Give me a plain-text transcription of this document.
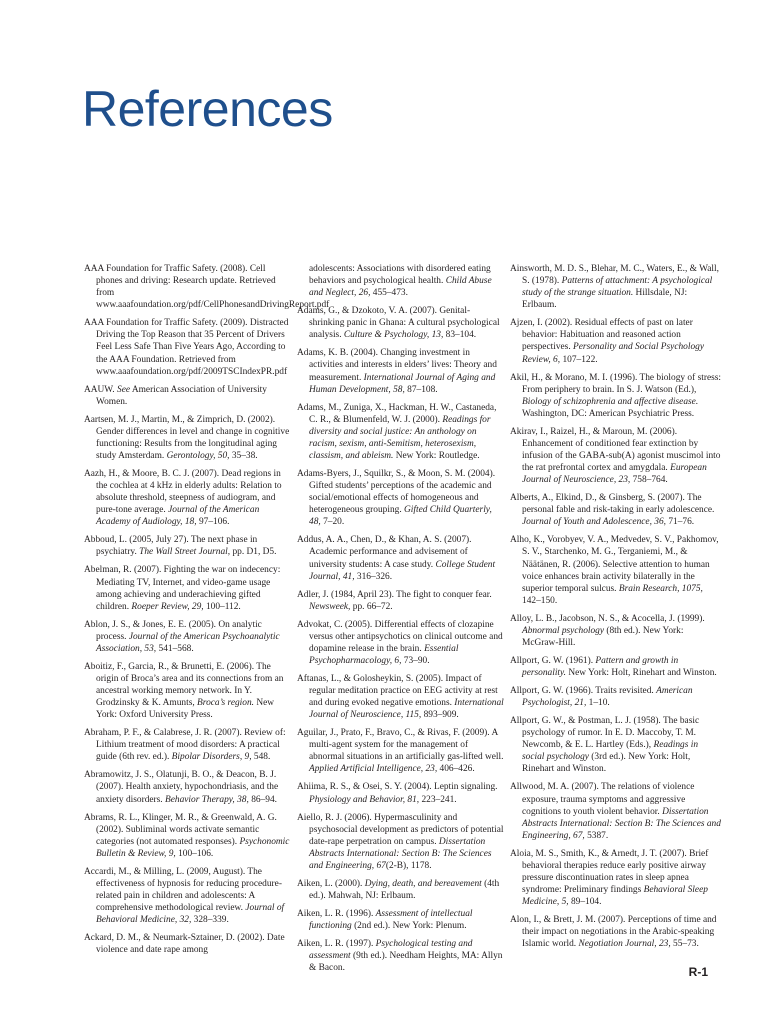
References

AAA Foundation for Traffic Safety. (2008). Cell phones and driving: Research update. Retrieved from www.aaafoundation.org/pdf/CellPhonesandDrivingReport.pdf

AAA Foundation for Traffic Safety. (2009). Distracted Driving the Top Reason that 35 Percent of Drivers Feel Less Safe Than Five Years Ago, According to the AAA Foundation. Retrieved from www.aaafoundation.org/pdf/2009TSCIndexPR.pdf

AAUW. See American Association of University Women.

Aartsen, M. J., Martin, M., & Zimprich, D. (2002). Gender differences in level and change in cognitive functioning: Results from the longitudinal aging study Amsterdam. Gerontology, 50, 35–38.

Aazh, H., & Moore, B. C. J. (2007). Dead regions in the cochlea at 4 kHz in elderly adults: Relation to absolute threshold, steepness of audiogram, and pure-tone average. Journal of the American Academy of Audiology, 18, 97–106.

Abboud, L. (2005, July 27). The next phase in psychiatry. The Wall Street Journal, pp. D1, D5.

Abelman, R. (2007). Fighting the war on indecency: Mediating TV, Internet, and video-game usage among achieving and underachieving gifted children. Roeper Review, 29, 100–112.

Ablon, J. S., & Jones, E. E. (2005). On analytic process. Journal of the American Psychoanalytic Association, 53, 541–568.

Aboitiz, F., Garcia, R., & Brunetti, E. (2006). The origin of Broca’s area and its connections from an ancestral working memory network. In Y. Grodzinsky & K. Amunts, Broca’s region. New York: Oxford University Press.

Abraham, P. F., & Calabrese, J. R. (2007). Review of: Lithium treatment of mood disorders: A practical guide (6th rev. ed.). Bipolar Disorders, 9, 548.

Abramowitz, J. S., Olatunji, B. O., & Deacon, B. J. (2007). Health anxiety, hypochondriasis, and the anxiety disorders. Behavior Therapy, 38, 86–94.

Abrams, R. L., Klinger, M. R., & Greenwald, A. G. (2002). Subliminal words activate semantic categories (not automated responses). Psychonomic Bulletin & Review, 9, 100–106.

Accardi, M., & Milling, L. (2009, August). The effectiveness of hypnosis for reducing procedure-related pain in children and adolescents: A comprehensive methodological review. Journal of Behavioral Medicine, 32, 328–339.

Ackard, D. M., & Neumark-Sztainer, D. (2002). Date violence and date rape among

adolescents: Associations with disordered eating behaviors and psychological health. Child Abuse and Neglect, 26, 455–473.

Adams, G., & Dzokoto, V. A. (2007). Genital-shrinking panic in Ghana: A cultural psychological analysis. Culture & Psychology, 13, 83–104.

Adams, K. B. (2004). Changing investment in activities and interests in elders’ lives: Theory and measurement. International Journal of Aging and Human Development, 58, 87–108.

Adams, M., Zuniga, X., Hackman, H. W., Castaneda, C. R., & Blumenfeld, W. J. (2000). Readings for diversity and social justice: An anthology on racism, sexism, anti-Semitism, heterosexism, classism, and ableism. New York: Routledge.

Adams-Byers, J., Squilkr, S., & Moon, S. M. (2004). Gifted students’ perceptions of the academic and social/emotional effects of homogeneous and heterogeneous grouping. Gifted Child Quarterly, 48, 7–20.

Addus, A. A., Chen, D., & Khan, A. S. (2007). Academic performance and advisement of university students: A case study. College Student Journal, 41, 316–326.

Adler, J. (1984, April 23). The fight to conquer fear. Newsweek, pp. 66–72.

Advokat, C. (2005). Differential effects of clozapine versus other antipsychotics on clinical outcome and dopamine release in the brain. Essential Psychopharmacology, 6, 73–90.

Aftanas, L., & Golosheykin, S. (2005). Impact of regular meditation practice on EEG activity at rest and during evoked negative emotions. International Journal of Neuroscience, 115, 893–909.

Aguilar, J., Prato, F., Bravo, C., & Rivas, F. (2009). A multi-agent system for the management of abnormal situations in an artificially gas-lifted well. Applied Artificial Intelligence, 23, 406–426.

Ahiima, R. S., & Osei, S. Y. (2004). Leptin signaling. Physiology and Behavior, 81, 223–241.

Aiello, R. J. (2006). Hypermasculinity and psychosocial development as predictors of potential date-rape perpetration on campus. Dissertation Abstracts International: Section B: The Sciences and Engineering, 67(2-B), 1178.

Aiken, L. (2000). Dying, death, and bereavement (4th ed.). Mahwah, NJ: Erlbaum.

Aiken, L. R. (1996). Assessment of intellectual functioning (2nd ed.). New York: Plenum.

Aiken, L. R. (1997). Psychological testing and assessment (9th ed.). Needham Heights, MA: Allyn & Bacon.

Ainsworth, M. D. S., Blehar, M. C., Waters, E., & Wall, S. (1978). Patterns of attachment: A psychological study of the strange situation. Hillsdale, NJ: Erlbaum.

Ajzen, I. (2002). Residual effects of past on later behavior: Habituation and reasoned action perspectives. Personality and Social Psychology Review, 6, 107–122.

Akil, H., & Morano, M. I. (1996). The biology of stress: From periphery to brain. In S. J. Watson (Ed.), Biology of schizophrenia and affective disease. Washington, DC: American Psychiatric Press.

Akirav, I., Raizel, H., & Maroun, M. (2006). Enhancement of conditioned fear extinction by infusion of the GABA-sub(A) agonist muscimol into the rat prefrontal cortex and amygdala. European Journal of Neuroscience, 23, 758–764.

Alberts, A., Elkind, D., & Ginsberg, S. (2007). The personal fable and risk-taking in early adolescence. Journal of Youth and Adolescence, 36, 71–76.

Alho, K., Vorobyev, V. A., Medvedev, S. V., Pakhomov, S. V., Starchenko, M. G., Terganiemi, M., & Näätänen, R. (2006). Selective attention to human voice enhances brain activity bilaterally in the superior temporal sulcus. Brain Research, 1075, 142–150.

Alloy, L. B., Jacobson, N. S., & Acocella, J. (1999). Abnormal psychology (8th ed.). New York: McGraw-Hill.

Allport, G. W. (1961). Pattern and growth in personality. New York: Holt, Rinehart and Winston.

Allport, G. W. (1966). Traits revisited. American Psychologist, 21, 1–10.

Allport, G. W., & Postman, L. J. (1958). The basic psychology of rumor. In E. D. Maccoby, T. M. Newcomb, & E. L. Hartley (Eds.), Readings in social psychology (3rd ed.). New York: Holt, Rinehart and Winston.

Allwood, M. A. (2007). The relations of violence exposure, trauma symptoms and aggressive cognitions to youth violent behavior. Dissertation Abstracts International: Section B: The Sciences and Engineering, 67, 5387.

Aloia, M. S., Smith, K., & Arnedt, J. T. (2007). Brief behavioral therapies reduce early positive airway pressure discontinuation rates in sleep apnea syndrome: Preliminary findings Behavioral Sleep Medicine, 5, 89–104.

Alon, I., & Brett, J. M. (2007). Perceptions of time and their impact on negotiations in the Arabic-speaking Islamic world. Negotiation Journal, 23, 55–73.

R-1
